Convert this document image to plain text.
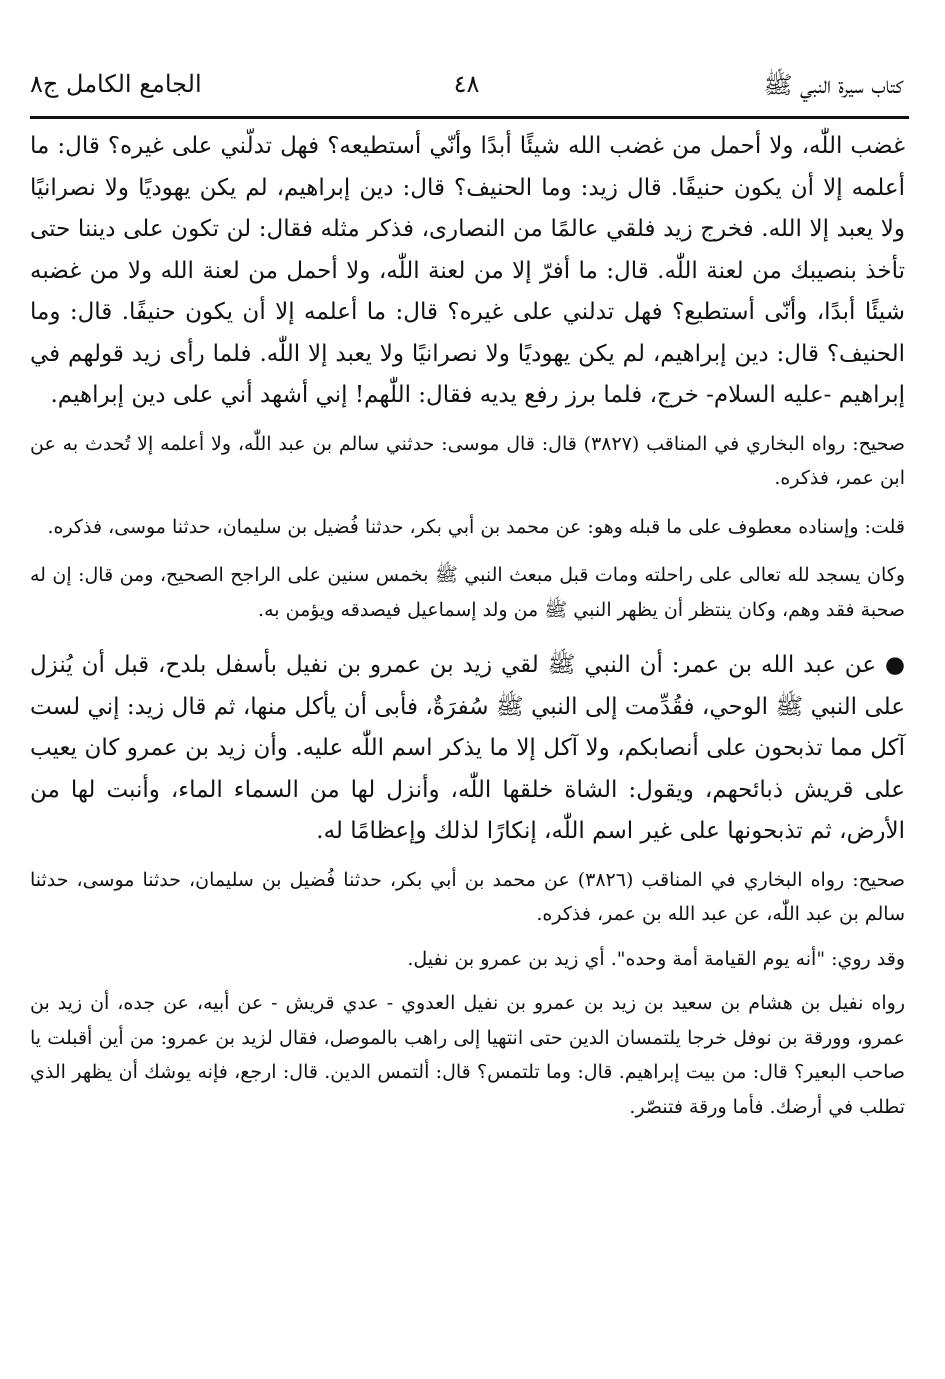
كتاب سيرة النبي ﷺ
٤٨
الجامع الكامل ج٨

غضب اللّٰه، ولا أحمل من غضب الله شيئًا أبدًا وأنّي أستطيعه؟ فهل تدلّني على غيره؟ قال: ما أعلمه إلا أن يكون حنيفًا. قال زيد: وما الحنيف؟ قال: دين إبراهيم، لم يكن يهوديًا ولا نصرانيًا ولا يعبد إلا الله. فخرج زيد فلقي عالمًا من النصارى، فذكر مثله فقال: لن تكون على ديننا حتى تأخذ بنصيبك من لعنة اللّٰه. قال: ما أفرّ إلا من لعنة اللّٰه، ولا أحمل من لعنة الله ولا من غضبه شيئًا أبدًا، وأنّى أستطيع؟ فهل تدلني على غيره؟ قال: ما أعلمه إلا أن يكون حنيفًا. قال: وما الحنيف؟ قال: دين إبراهيم، لم يكن يهوديًا ولا نصرانيًا ولا يعبد إلا اللّٰه. فلما رأى زيد قولهم في إبراهيم -عليه السلام- خرج، فلما برز رفع يديه فقال: اللّٰهم! إني أشهد أني على دين إبراهيم.

صحيح: رواه البخاري في المناقب (٣٨٢٧) قال: قال موسى: حدثني سالم بن عبد اللّٰه، ولا أعلمه إلا تُحدث به عن ابن عمر، فذكره.

قلت: وإسناده معطوف على ما قبله وهو: عن محمد بن أبي بكر، حدثنا فُضيل بن سليمان، حدثنا موسى، فذكره.

وكان يسجد لله تعالى على راحلته ومات قبل مبعث النبي ﷺ بخمس سنين على الراجح الصحيح، ومن قال: إن له صحبة فقد وهم، وكان ينتظر أن يظهر النبي ﷺ من ولد إسماعيل فيصدقه ويؤمن به.

● عن عبد الله بن عمر: أن النبي ﷺ لقي زيد بن عمرو بن نفيل بأسفل بلدح، قبل أن يُنزل على النبي ﷺ الوحي، فقُدِّمت إلى النبي ﷺ سُفرَةٌ، فأبى أن يأكل منها، ثم قال زيد: إني لست آكل مما تذبحون على أنصابكم، ولا آكل إلا ما يذكر اسم اللّٰه عليه. وأن زيد بن عمرو كان يعيب على قريش ذبائحهم، ويقول: الشاة خلقها اللّٰه، وأنزل لها من السماء الماء، وأنبت لها من الأرض، ثم تذبحونها على غير اسم اللّٰه، إنكارًا لذلك وإعظامًا له.

صحيح: رواه البخاري في المناقب (٣٨٢٦) عن محمد بن أبي بكر، حدثنا فُضيل بن سليمان، حدثنا موسى، حدثنا سالم بن عبد اللّٰه، عن عبد الله بن عمر، فذكره.

وقد روي: "أنه يوم القيامة أمة وحده". أي زيد بن عمرو بن نفيل.

رواه نفيل بن هشام بن سعيد بن زيد بن عمرو بن نفيل العدوي - عدي قريش - عن أبيه، عن جده، أن زيد بن عمرو، وورقة بن نوفل خرجا يلتمسان الدين حتى انتهيا إلى راهب بالموصل، فقال لزيد بن عمرو: من أين أقبلت يا صاحب البعير؟ قال: من بيت إبراهيم. قال: وما تلتمس؟ قال: ألتمس الدين. قال: ارجع، فإنه يوشك أن يظهر الذي تطلب في أرضك. فأما ورقة فتنصّر.
